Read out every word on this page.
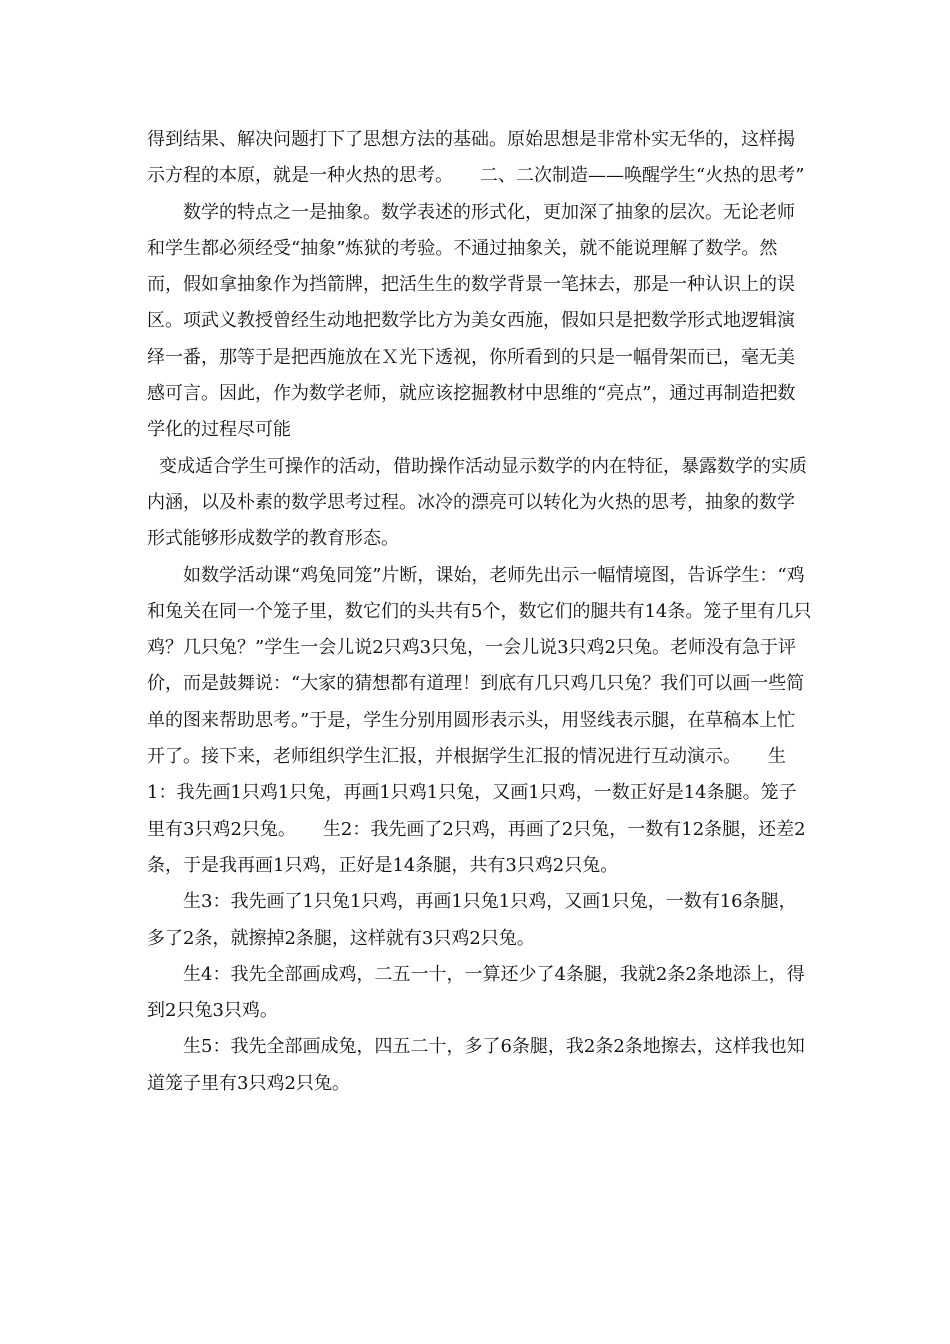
得到结果、解决问题打下了思想方法的基础。原始思想是非常朴实无华的，这样揭示方程的本原，就是一种火热的思考。　　二、二次制造——唤醒学生“火热的思考”

数学的特点之一是抽象。数学表述的形式化，更加深了抽象的层次。无论老师和学生都必须经受“抽象”炼狱的考验。不通过抽象关，就不能说理解了数学。然而，假如拿抽象作为挡箭牌，把活生生的数学背景一笔抹去，那是一种认识上的误区。项武义教授曾经生动地把数学比方为美女西施，假如只是把数学形式地逻辑演绎一番，那等于是把西施放在Ｘ光下透视，你所看到的只是一幅骨架而已，毫无美感可言。因此，作为数学老师，就应该挖掘教材中思维的“亮点”，通过再制造把数学化的过程尽可能

变成适合学生可操作的活动，借助操作活动显示数学的内在特征，暴露数学的实质内涵，以及朴素的数学思考过程。冰冷的漂亮可以转化为火热的思考，抽象的数学形式能够形成数学的教育形态。

如数学活动课“鸡兔同笼”片断，课始，老师先出示一幅情境图，告诉学生：“鸡和兔关在同一个笼子里，数它们的头共有5个，数它们的腿共有14条。笼子里有几只鸡？几只兔？”学生一会儿说2只鸡3只兔，一会儿说3只鸡2只兔。老师没有急于评价，而是鼓舞说：“大家的猜想都有道理！到底有几只鸡几只兔？我们可以画一些简单的图来帮助思考。”于是，学生分别用圆形表示头，用竖线表示腿，在草稿本上忙开了。接下来，老师组织学生汇报，并根据学生汇报的情况进行互动演示。　　生1：我先画1只鸡1只兔，再画1只鸡1只兔，又画1只鸡，一数正好是14条腿。笼子里有3只鸡2只兔。　　生2：我先画了2只鸡，再画了2只兔，一数有12条腿，还差2条，于是我再画1只鸡，正好是14条腿，共有3只鸡2只兔。

生3：我先画了1只兔1只鸡，再画1只兔1只鸡，又画1只兔，一数有16条腿，多了2条，就擦掉2条腿，这样就有3只鸡2只兔。

生4：我先全部画成鸡，二五一十，一算还少了4条腿，我就2条2条地添上，得到2只兔3只鸡。

生5：我先全部画成兔，四五二十，多了6条腿，我2条2条地擦去，这样我也知道笼子里有3只鸡2只兔。
